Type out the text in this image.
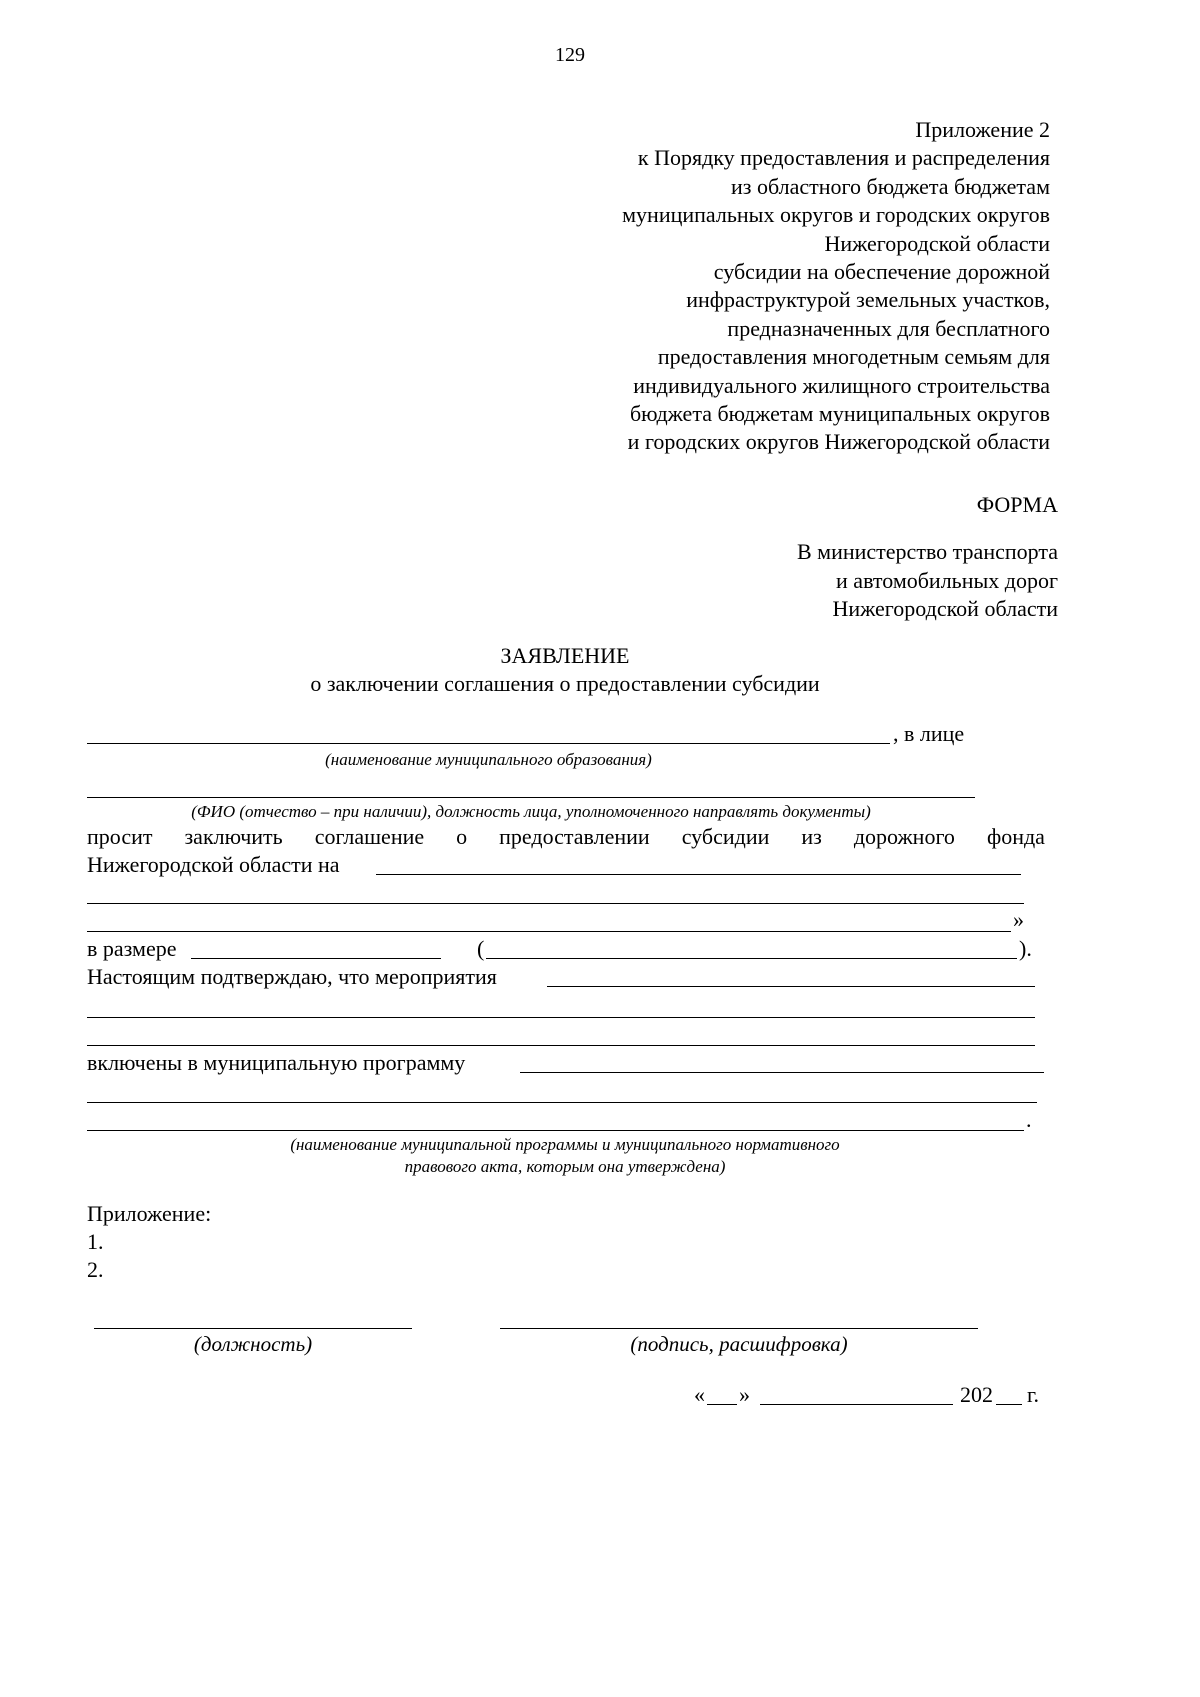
129
Приложение 2
к Порядку предоставления и распределения
из областного бюджета бюджетам
муниципальных округов и городских округов
Нижегородской области
субсидии на обеспечение дорожной
инфраструктурой земельных участков,
предназначенных для бесплатного
предоставления многодетным семьям для
индивидуального жилищного строительства
бюджета бюджетам муниципальных округов
и городских округов Нижегородской области
ФОРМА
В министерство транспорта
и автомобильных дорог
Нижегородской области
ЗАЯВЛЕНИЕ
о заключении соглашения о предоставлении субсидии
, в лице
(наименование муниципального образования)
(ФИО (отчество – при наличии), должность лица, уполномоченного направлять документы)
просит заключить соглашение о предоставлении субсидии из дорожного фонда
Нижегородской области на
»
в размере	(	).
Настоящим подтверждаю, что мероприятия
включены в муниципальную программу
.
(наименование муниципальной программы и муниципального нормативного
правового акта, которым она утверждена)
Приложение:
1.
2.
(должность)	(подпись, расшифровка)
« »	202 г.
